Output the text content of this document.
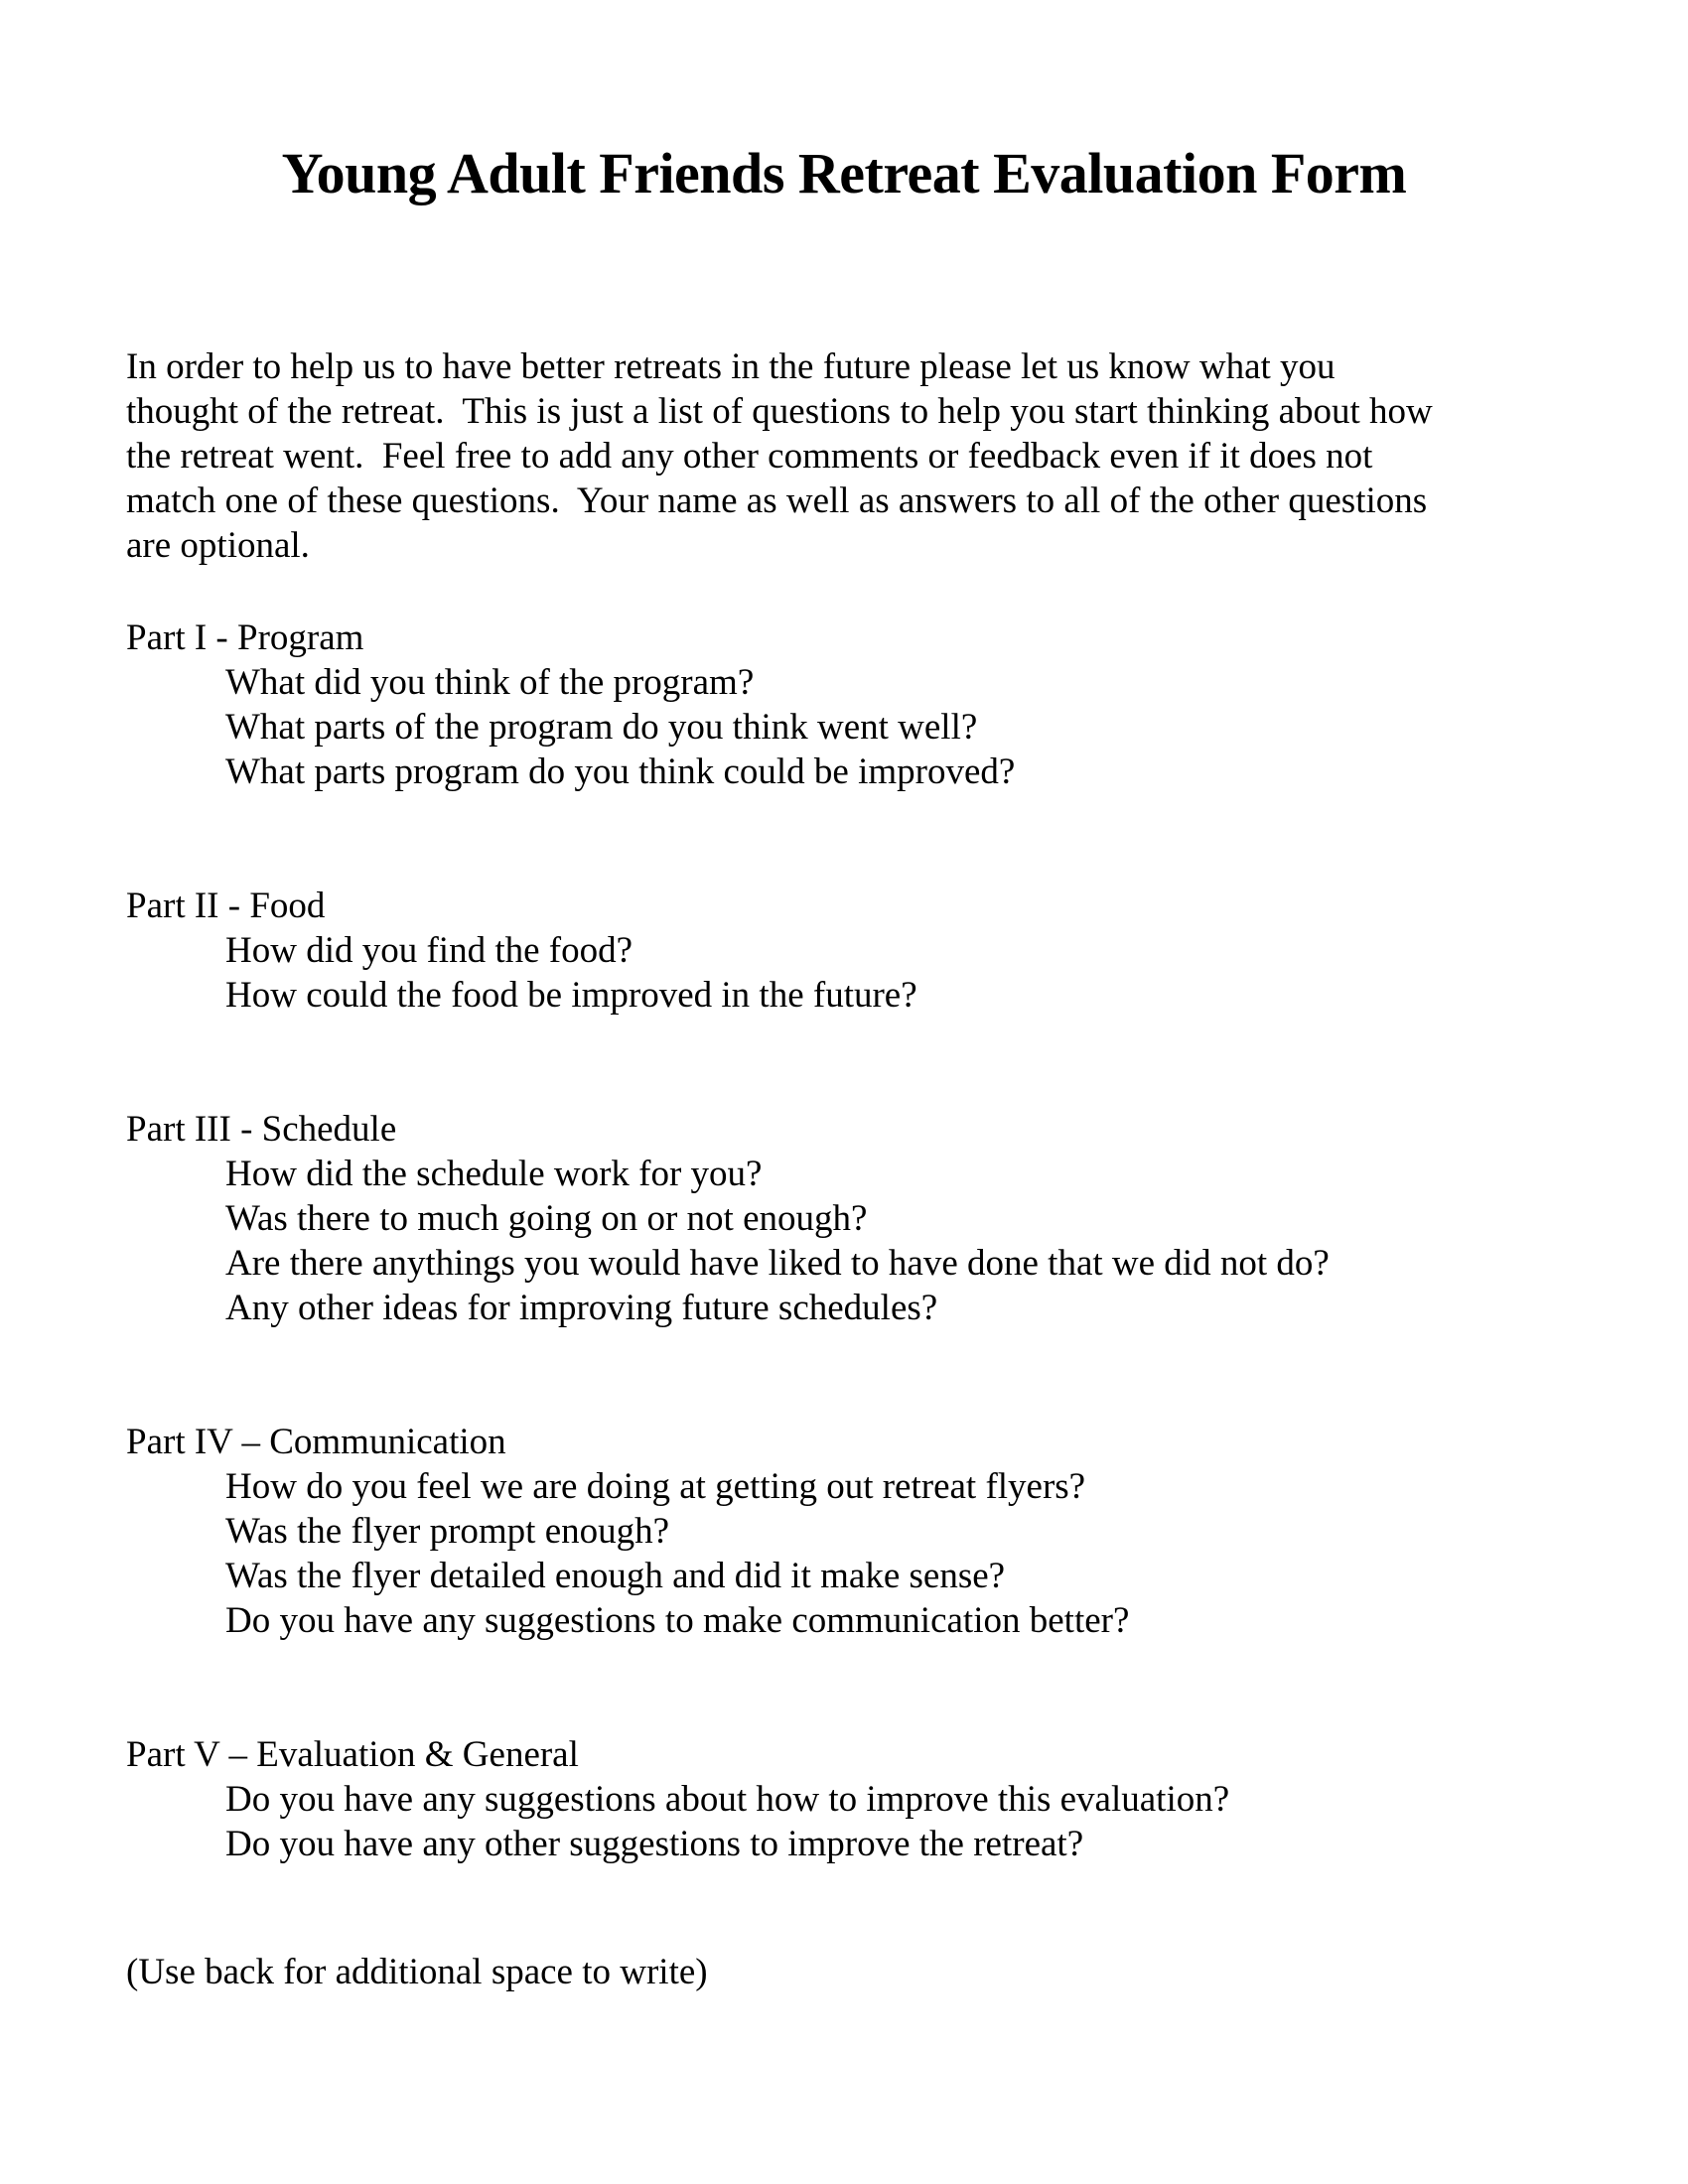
Young Adult Friends Retreat Evaluation Form
In order to help us to have better retreats in the future please let us know what you
thought of the retreat.  This is just a list of questions to help you start thinking about how
the retreat went.  Feel free to add any other comments or feedback even if it does not
match one of these questions.  Your name as well as answers to all of the other questions
are optional.
Part I - Program
What did you think of the program?
What parts of the program do you think went well?
What parts program do you think could be improved?
Part II - Food
How did you find the food?
How could the food be improved in the future?
Part III - Schedule
How did the schedule work for you?
Was there to much going on or not enough?
Are there anythings you would have liked to have done that we did not do?
Any other ideas for improving future schedules?
Part IV – Communication
How do you feel we are doing at getting out retreat flyers?
Was the flyer prompt enough?
Was the flyer detailed enough and did it make sense?
Do you have any suggestions to make communication better?
Part V – Evaluation & General
Do you have any suggestions about how to improve this evaluation?
Do you have any other suggestions to improve the retreat?
(Use back for additional space to write)
